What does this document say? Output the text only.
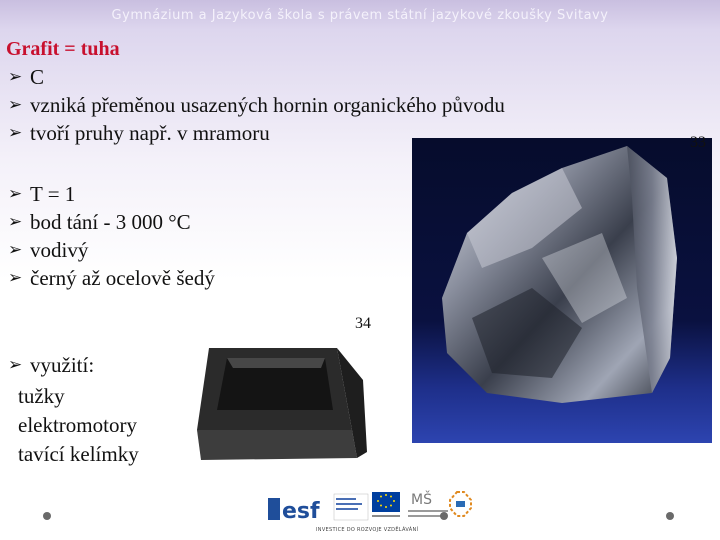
Gymnázium a Jazyková škola s právem státní jazykové zkoušky Svitavy
Grafit = tuha
➢ C
➢ vzniká přeměnou usazených hornin organického původu
➢ tvoří pruhy např. v mramoru
➢ T = 1
➢ bod tání - 3 000 °C
➢ vodivý
➢ černý až ocelově šedý
➢ využití:
tužky
elektromotory
tavící kelímky
33
34
esf	MŠ
INVESTICE DO ROZVOJE VZDĚLÁVÁNÍ
